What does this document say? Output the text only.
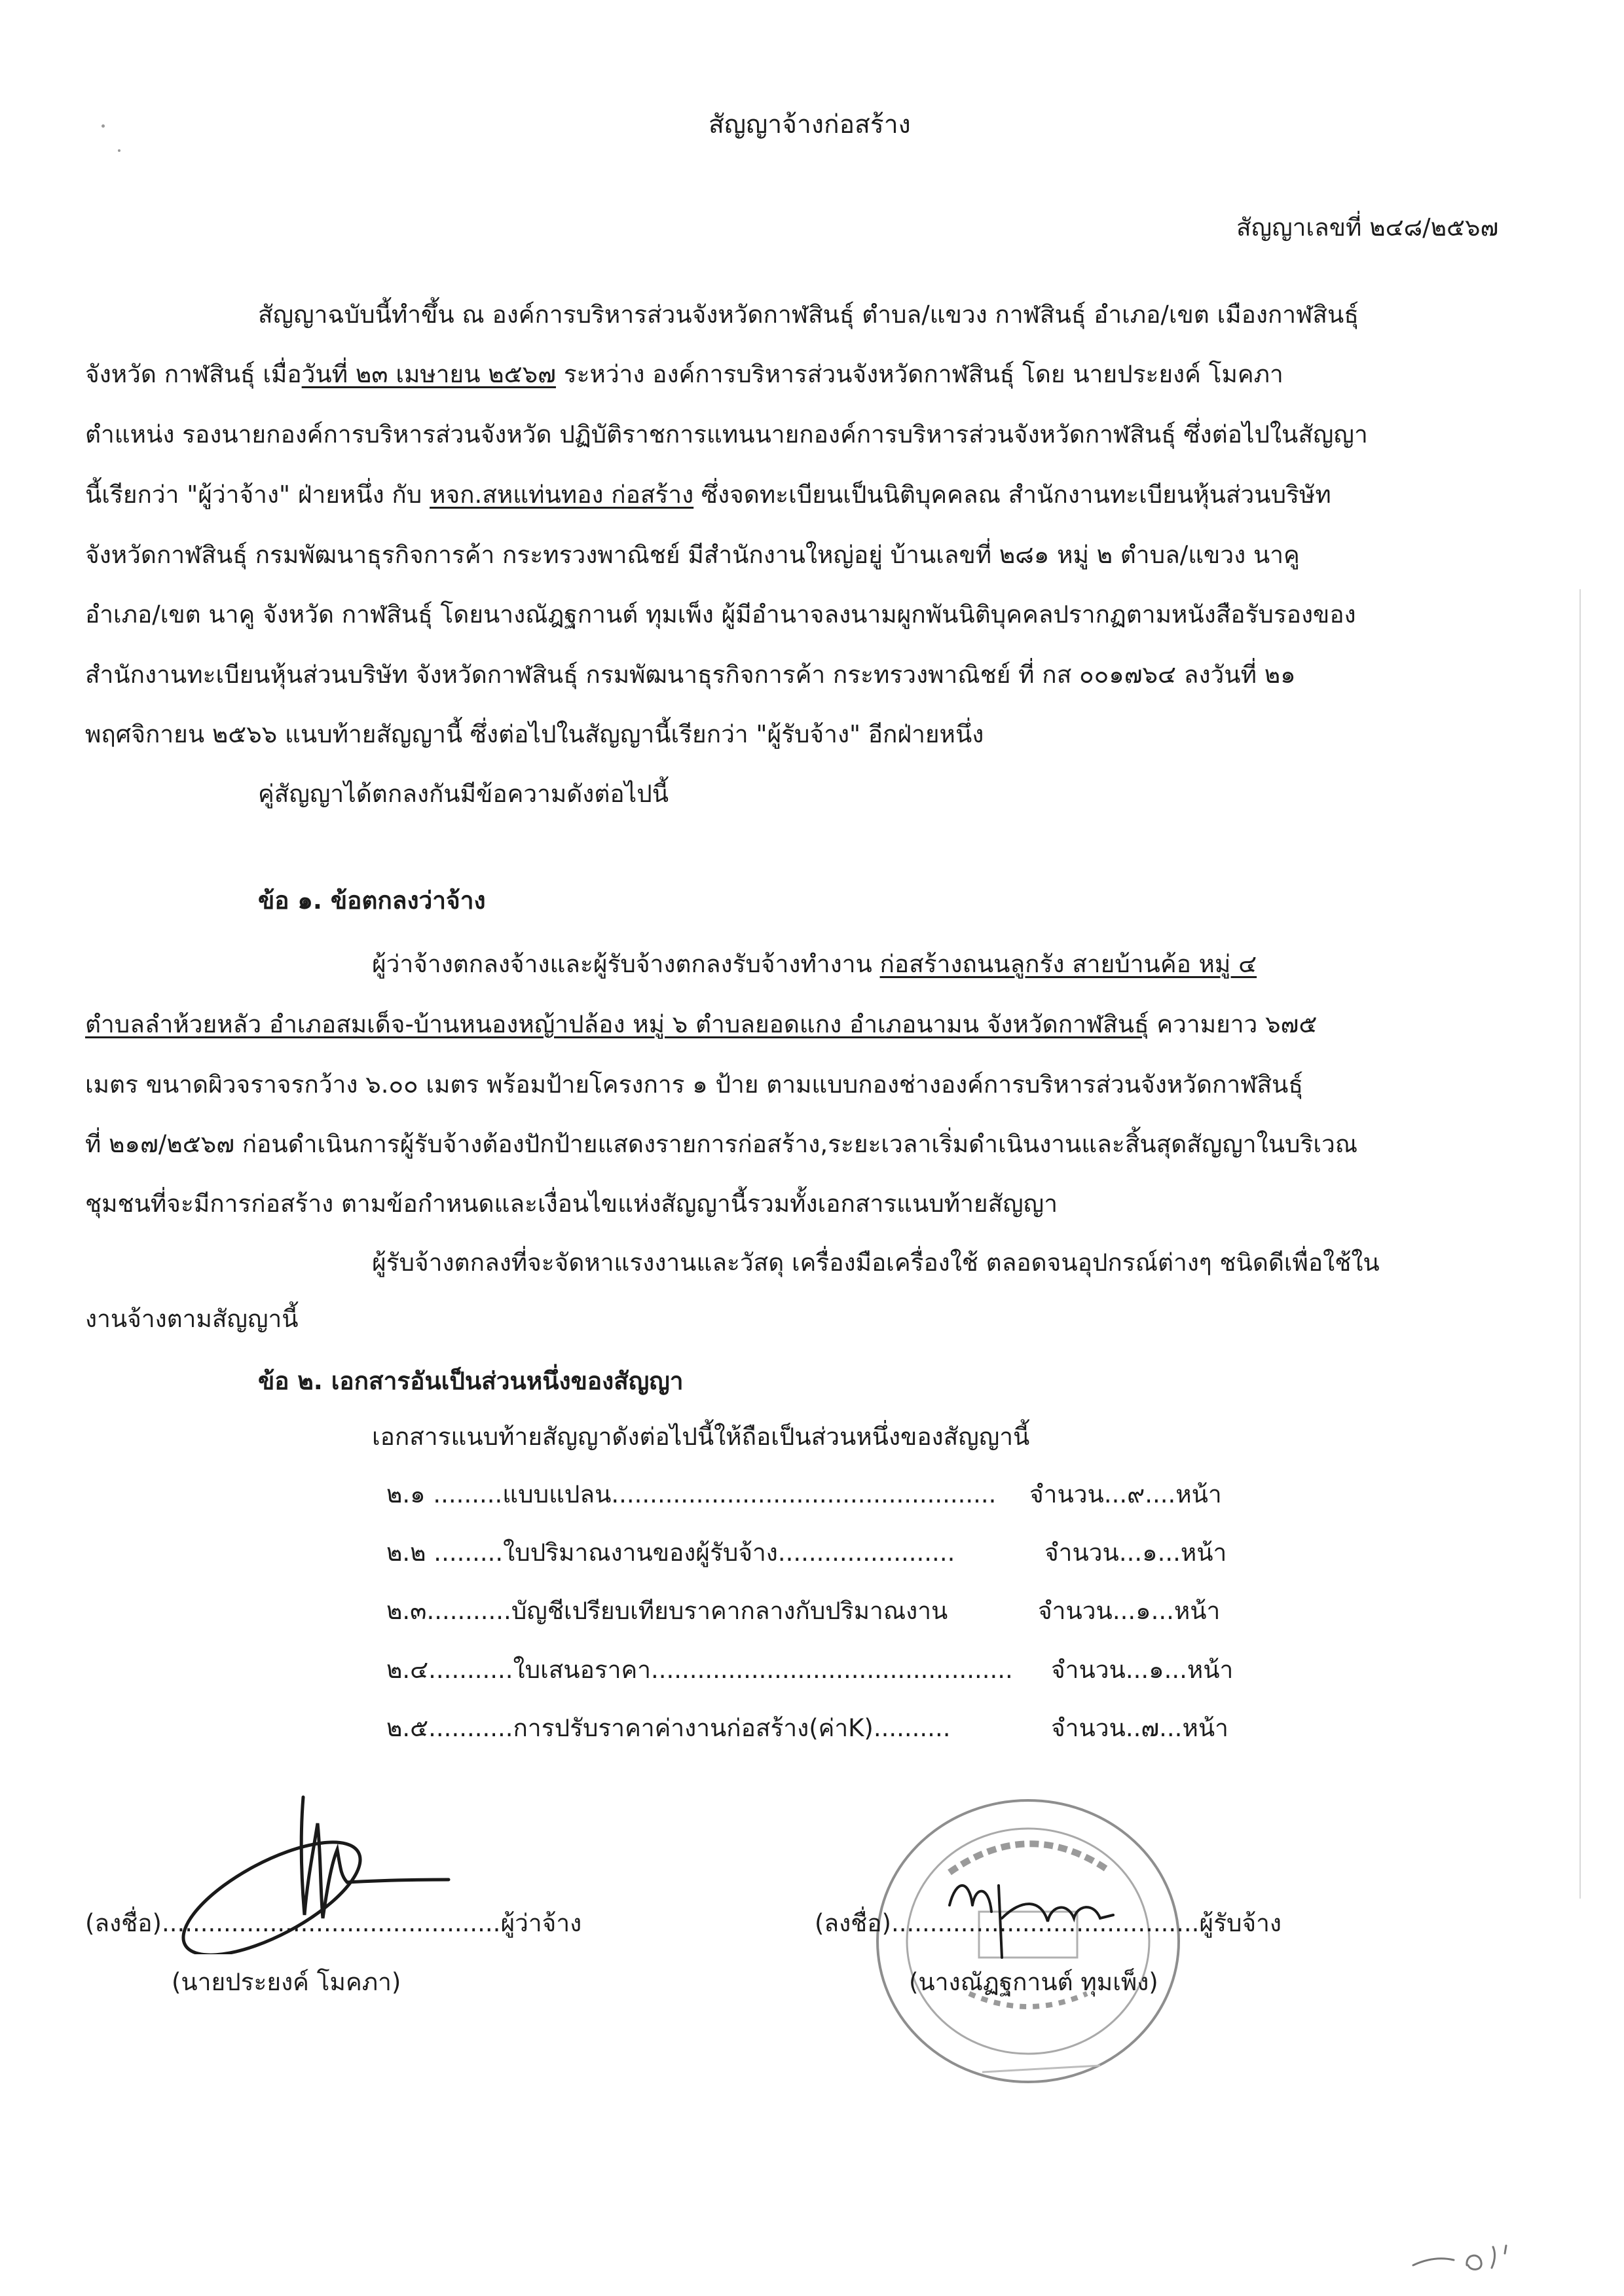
สัญญาจ้างก่อสร้าง
สัญญาเลขที่ ๒๔๘/๒๕๖๗
สัญญาฉบับนี้ทำขึ้น ณ องค์การบริหารส่วนจังหวัดกาฬสินธุ์ ตำบล/แขวง กาฬสินธุ์ อำเภอ/เขต เมืองกาฬสินธุ์
จังหวัด กาฬสินธุ์ เมื่อวันที่ ๒๓ เมษายน ๒๕๖๗ ระหว่าง องค์การบริหารส่วนจังหวัดกาฬสินธุ์ โดย นายประยงค์ โมคภา
ตำแหน่ง รองนายกองค์การบริหารส่วนจังหวัด ปฏิบัติราชการแทนนายกองค์การบริหารส่วนจังหวัดกาฬสินธุ์ ซึ่งต่อไปในสัญญา
นี้เรียกว่า "ผู้ว่าจ้าง" ฝ่ายหนึ่ง กับ หจก.สหแท่นทอง ก่อสร้าง ซึ่งจดทะเบียนเป็นนิติบุคคลณ สำนักงานทะเบียนหุ้นส่วนบริษัท
จังหวัดกาฬสินธุ์ กรมพัฒนาธุรกิจการค้า กระทรวงพาณิชย์ มีสำนักงานใหญ่อยู่ บ้านเลขที่ ๒๘๑ หมู่ ๒ ตำบล/แขวง นาคู
อำเภอ/เขต นาคู จังหวัด กาฬสินธุ์ โดยนางณัฎฐกานต์ ทุมเพ็ง ผู้มีอำนาจลงนามผูกพันนิติบุคคลปรากฏตามหนังสือรับรองของ
สำนักงานทะเบียนหุ้นส่วนบริษัท จังหวัดกาฬสินธุ์ กรมพัฒนาธุรกิจการค้า กระทรวงพาณิชย์ ที่ กส ๐๐๑๗๖๔ ลงวันที่ ๒๑
พฤศจิกายน ๒๕๖๖ แนบท้ายสัญญานี้ ซึ่งต่อไปในสัญญานี้เรียกว่า "ผู้รับจ้าง" อีกฝ่ายหนึ่ง
คู่สัญญาได้ตกลงกันมีข้อความดังต่อไปนี้
ข้อ ๑. ข้อตกลงว่าจ้าง
ผู้ว่าจ้างตกลงจ้างและผู้รับจ้างตกลงรับจ้างทำงาน ก่อสร้างถนนลูกรัง สายบ้านค้อ หมู่ ๔
ตำบลลำห้วยหลัว อำเภอสมเด็จ-บ้านหนองหญ้าปล้อง หมู่ ๖ ตำบลยอดแกง อำเภอนามน จังหวัดกาฬสินธุ์ ความยาว ๖๗๕
เมตร ขนาดผิวจราจรกว้าง ๖.๐๐ เมตร พร้อมป้ายโครงการ ๑ ป้าย ตามแบบกองช่างองค์การบริหารส่วนจังหวัดกาฬสินธุ์
ที่ ๒๑๗/๒๕๖๗ ก่อนดำเนินการผู้รับจ้างต้องปักป้ายแสดงรายการก่อสร้าง,ระยะเวลาเริ่มดำเนินงานและสิ้นสุดสัญญาในบริเวณ
ชุมชนที่จะมีการก่อสร้าง ตามข้อกำหนดและเงื่อนไขแห่งสัญญานี้รวมทั้งเอกสารแนบท้ายสัญญา
ผู้รับจ้างตกลงที่จะจัดหาแรงงานและวัสดุ เครื่องมือเครื่องใช้ ตลอดจนอุปกรณ์ต่างๆ ชนิดดีเพื่อใช้ใน
งานจ้างตามสัญญานี้
ข้อ ๒. เอกสารอันเป็นส่วนหนึ่งของสัญญา
เอกสารแนบท้ายสัญญาดังต่อไปนี้ให้ถือเป็นส่วนหนึ่งของสัญญานี้
๒.๑ .........แบบแปลน.................................................. จำนวน...๙....หน้า
๒.๒ .........ใบปริมาณงานของผู้รับจ้าง.......................	จำนวน...๑...หน้า
๒.๓...........บัญชีเปรียบเทียบราคากลางกับปริมาณงาน	จำนวน...๑...หน้า
๒.๔...........ใบเสนอราคา............................................... จำนวน...๑...หน้า
๒.๕...........การปรับราคาค่างานก่อสร้าง(ค่าK)..........	จำนวน..๗...หน้า
(ลงชื่อ)............................................ผู้ว่าจ้าง
(นายประยงค์ โมคภา)
(ลงชื่อ)........................................ผู้รับจ้าง
(นางณัฏฐกานต์ ทุมเพ็ง)
